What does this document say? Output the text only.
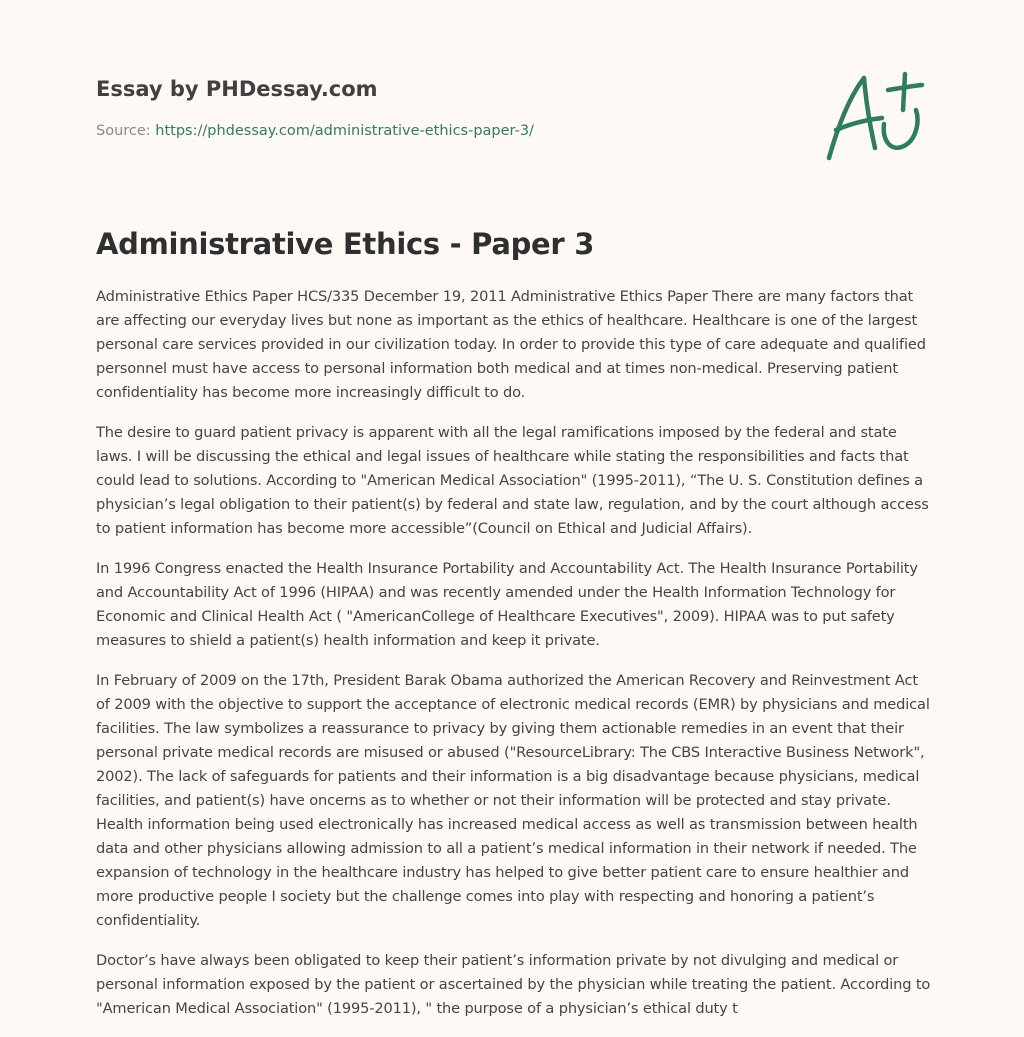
Essay by PHDessay.com
Source: https://phdessay.com/administrative-ethics-paper-3/
Administrative Ethics - Paper 3

Administrative Ethics Paper HCS/335 December 19, 2011 Administrative Ethics Paper There are many factors that are affecting our everyday lives but none as important as the ethics of healthcare. Healthcare is one of the largest personal care services provided in our civilization today. In order to provide this type of care adequate and qualified personnel must have access to personal information both medical and at times non-medical. Preserving patient confidentiality has become more increasingly difficult to do.

The desire to guard patient privacy is apparent with all the legal ramifications imposed by the federal and state laws. I will be discussing the ethical and legal issues of healthcare while stating the responsibilities and facts that could lead to solutions. According to "American Medical Association" (1995-2011), “The U. S. Constitution defines a physician’s legal obligation to their patient(s) by federal and state law, regulation, and by the court although access to patient information has become more accessible”(Council on Ethical and Judicial Affairs).

In 1996 Congress enacted the Health Insurance Portability and Accountability Act. The Health Insurance Portability and Accountability Act of 1996 (HIPAA) and was recently amended under the Health Information Technology for Economic and Clinical Health Act ( "AmericanCollege of Healthcare Executives", 2009). HIPAA was to put safety measures to shield a patient(s) health information and keep it private.

In February of 2009 on the 17th, President Barak Obama authorized the American Recovery and Reinvestment Act of 2009 with the objective to support the acceptance of electronic medical records (EMR) by physicians and medical facilities. The law symbolizes a reassurance to privacy by giving them actionable remedies in an event that their personal private medical records are misused or abused ("ResourceLibrary: The CBS Interactive Business Network", 2002). The lack of safeguards for patients and their information is a big disadvantage because physicians, medical facilities, and patient(s) have oncerns as to whether or not their information will be protected and stay private. Health information being used electronically has increased medical access as well as transmission between health data and other physicians allowing admission to all a patient’s medical information in their network if needed. The expansion of technology in the healthcare industry has helped to give better patient care to ensure healthier and more productive people I society but the challenge comes into play with respecting and honoring a patient’s confidentiality.

Doctor’s have always been obligated to keep their patient’s information private by not divulging and medical or personal information exposed by the patient or ascertained by the physician while treating the patient. According to "American Medical Association" (1995-2011), " the purpose of a physician’s ethical duty t
